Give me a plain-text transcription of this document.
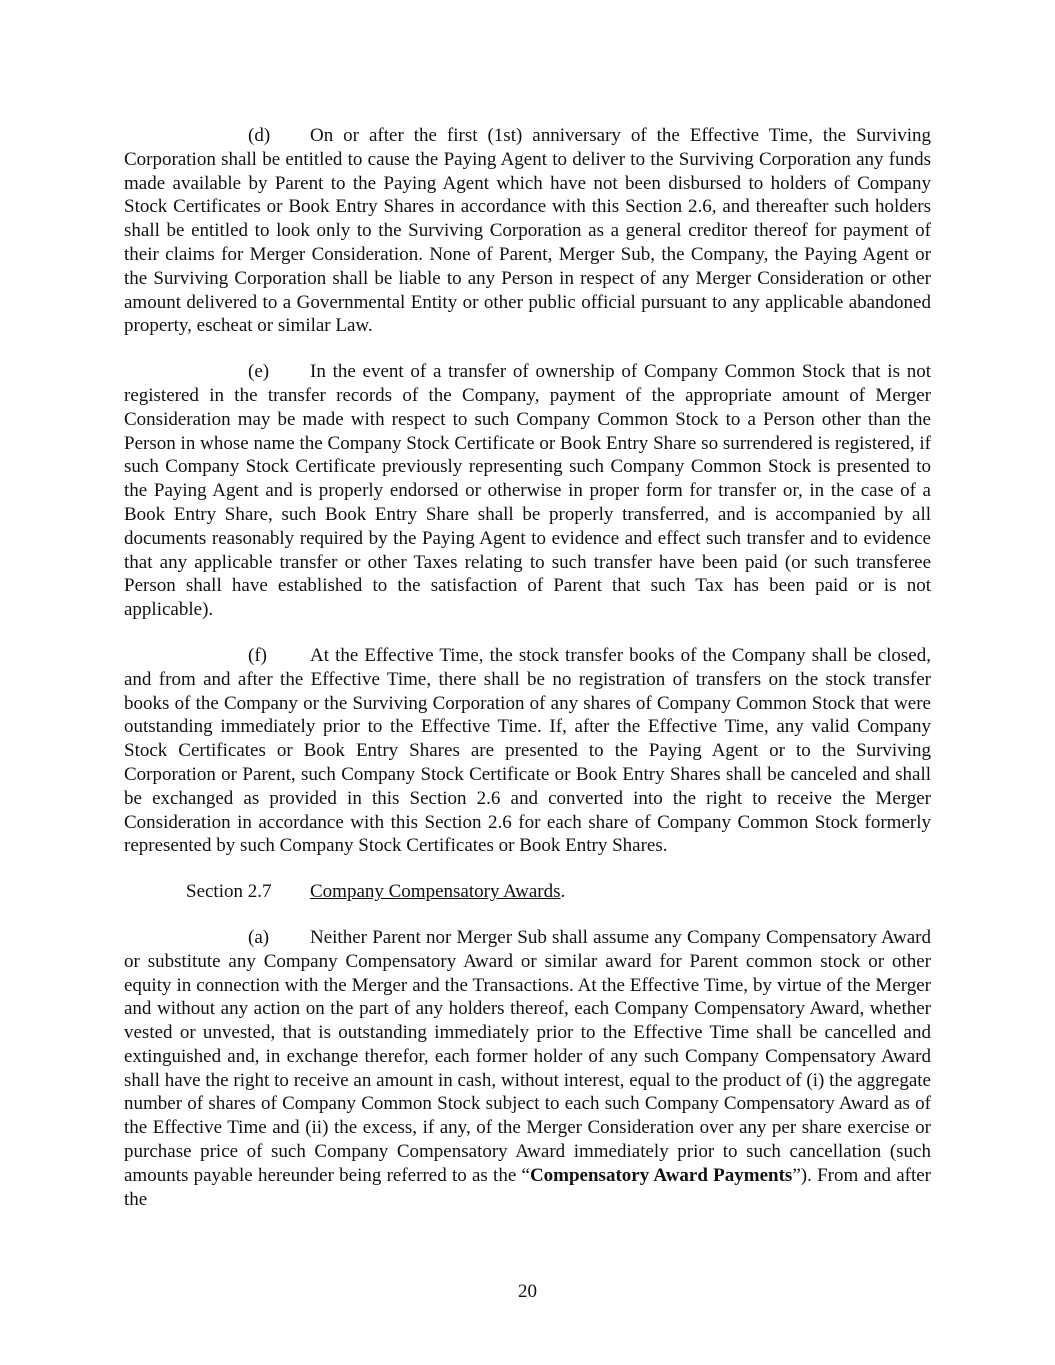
(d) On or after the first (1st) anniversary of the Effective Time, the Surviving Corporation shall be entitled to cause the Paying Agent to deliver to the Surviving Corporation any funds made available by Parent to the Paying Agent which have not been disbursed to holders of Company Stock Certificates or Book Entry Shares in accordance with this Section 2.6, and thereafter such holders shall be entitled to look only to the Surviving Corporation as a general creditor thereof for payment of their claims for Merger Consideration. None of Parent, Merger Sub, the Company, the Paying Agent or the Surviving Corporation shall be liable to any Person in respect of any Merger Consideration or other amount delivered to a Governmental Entity or other public official pursuant to any applicable abandoned property, escheat or similar Law.

(e) In the event of a transfer of ownership of Company Common Stock that is not registered in the transfer records of the Company, payment of the appropriate amount of Merger Consideration may be made with respect to such Company Common Stock to a Person other than the Person in whose name the Company Stock Certificate or Book Entry Share so surrendered is registered, if such Company Stock Certificate previously representing such Company Common Stock is presented to the Paying Agent and is properly endorsed or otherwise in proper form for transfer or, in the case of a Book Entry Share, such Book Entry Share shall be properly transferred, and is accompanied by all documents reasonably required by the Paying Agent to evidence and effect such transfer and to evidence that any applicable transfer or other Taxes relating to such transfer have been paid (or such transferee Person shall have established to the satisfaction of Parent that such Tax has been paid or is not applicable).

(f) At the Effective Time, the stock transfer books of the Company shall be closed, and from and after the Effective Time, there shall be no registration of transfers on the stock transfer books of the Company or the Surviving Corporation of any shares of Company Common Stock that were outstanding immediately prior to the Effective Time. If, after the Effective Time, any valid Company Stock Certificates or Book Entry Shares are presented to the Paying Agent or to the Surviving Corporation or Parent, such Company Stock Certificate or Book Entry Shares shall be canceled and shall be exchanged as provided in this Section 2.6 and converted into the right to receive the Merger Consideration in accordance with this Section 2.6 for each share of Company Common Stock formerly represented by such Company Stock Certificates or Book Entry Shares.

Section 2.7 Company Compensatory Awards.

(a) Neither Parent nor Merger Sub shall assume any Company Compensatory Award or substitute any Company Compensatory Award or similar award for Parent common stock or other equity in connection with the Merger and the Transactions. At the Effective Time, by virtue of the Merger and without any action on the part of any holders thereof, each Company Compensatory Award, whether vested or unvested, that is outstanding immediately prior to the Effective Time shall be cancelled and extinguished and, in exchange therefor, each former holder of any such Company Compensatory Award shall have the right to receive an amount in cash, without interest, equal to the product of (i) the aggregate number of shares of Company Common Stock subject to each such Company Compensatory Award as of the Effective Time and (ii) the excess, if any, of the Merger Consideration over any per share exercise or purchase price of such Company Compensatory Award immediately prior to such cancellation (such amounts payable hereunder being referred to as the “Compensatory Award Payments”). From and after the

20
